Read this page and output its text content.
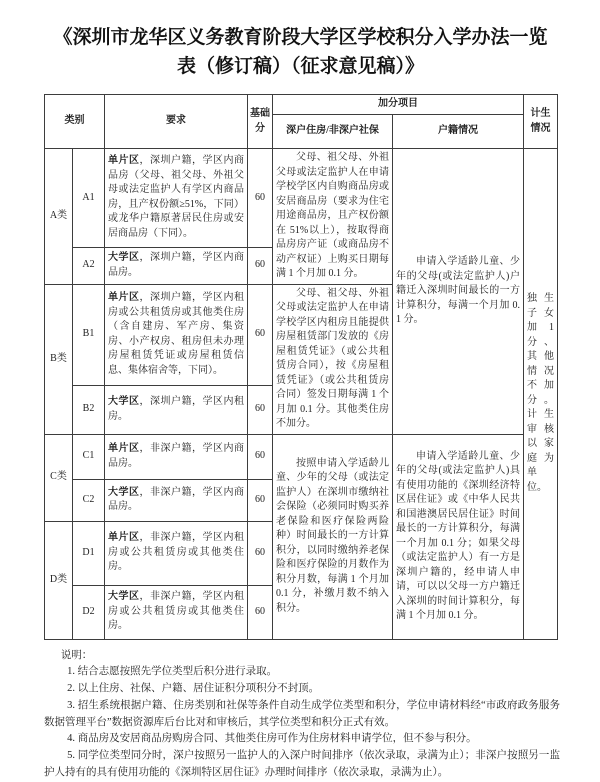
《深圳市龙华区义务教育阶段大学区学校积分入学办法一览表（修订稿）（征求意见稿）》
类别		要求	基础分	加分项目		计生情况
				深户住房/非深户社保	户籍情况	
A类	A1	单片区，深圳户籍，学区内商品房（父母、祖父母、外祖父母或法定监护人有学区内商品房，且产权份额≥51%，下同）或龙华户籍原著居民住房或安居商品房（下同）。	60	父母、祖父母、外祖父母或法定监护人在申请学校学区内自购商品房或安居商品房（要求为住宅用途商品房，且产权份额在 51%以上），按取得商品房房产证（或商品房不动产权证）上购买日期每满 1 个月加 0.1 分。	申请入学适龄儿童、少年的父母(或法定监护人)户籍迁入深圳时间最长的一方计算积分，每满一个月加 0.1 分。	独生子女加 1 分、其他情况不加分。计生审核以家庭为单位。
	A2	大学区，深圳户籍，学区内商品房。	60			
B类	B1	单片区，深圳户籍，学区内租房或公共租赁房或其他类住房（含自建房、军产房、集资房、小产权房、租房但未办理房屋租赁凭证或房屋租赁信息、集体宿舍等，下同）。	60	父母、祖父母、外祖父母或法定监护人在申请学校学区内租房且能提供房屋租赁部门发放的《房屋租赁凭证》（或公共租赁房合同），按《房屋租赁凭证》（或公共租赁房合同）签发日期每满 1 个月加 0.1 分。其他类住房不加分。		
	B2	大学区，深圳户籍，学区内租房。	60			
C类	C1	单片区，非深户籍，学区内商品房。	60	按照申请入学适龄儿童、少年的父母（或法定监护人）在深圳市缴纳社会保险（必须同时购买养老保险和医疗保险两险种）时间最长的一方计算积分，以同时缴纳养老保险和医疗保险的月数作为积分月数，每满 1 个月加 0.1 分，补缴月数不纳入积分。	申请入学适龄儿童、少年的父母(或法定监护人)具有使用功能的《深圳经济特区居住证》或《中华人民共和国港澳居民居住证》时间最长的一方计算积分，每满一个月加 0.1 分；如果父母（或法定监护人）有一方是深圳户籍的，经申请人申请，可以以父母一方户籍迁入深圳的时间计算积分，每满 1 个月加 0.1 分。	
	C2	大学区，非深户籍，学区内商品房。	60			
D类	D1	单片区，非深户籍，学区内租房或公共租赁房或其他类住房。	60			
	D2	大学区，非深户籍，学区内租房或公共租赁房或其他类住房。	60			

说明：

1. 结合志愿按照先学位类型后积分进行录取。

2. 以上住房、社保、户籍、居住证积分项积分不封顶。

3. 招生系统根据户籍、住房类别和社保等条件自动生成学位类型和积分，学位申请材料经“市政府政务服务数据管理平台”数据资源库后台比对和审核后，其学位类型和积分正式有效。

4. 商品房及安居商品房购房合同、其他类住房可作为住房材料申请学位，但不参与积分。

5. 同学位类型同分时，深户按照另一监护人的入深户时间排序（依次录取，录满为止）；非深户按照另一监护人持有的具有使用功能的《深圳特区居住证》办理时间排序（依次录取，录满为止）。
